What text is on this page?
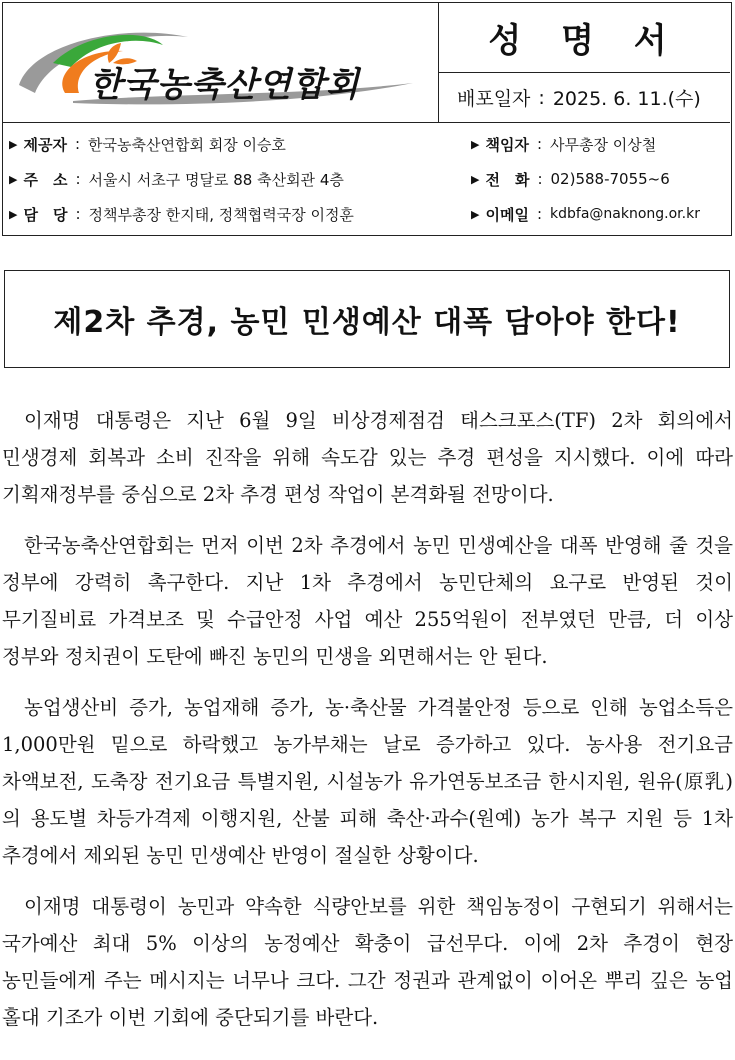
한국농축산연합회
성 명 서
배포일자 : 2025. 6. 11.(수)
▶ 제공자 : 한국농축산연합회 회장 이승호	▶ 책임자 : 사무총장 이상철
▶ 주　소 : 서울시 서초구 명달로 88 축산회관 4층	▶ 전　화 : 02)588-7055~6
▶ 담　당 : 정책부총장 한지태, 정책협력국장 이정훈	▶ 이메일 : kdbfa@naknong.or.kr
제2차 추경, 농민 민생예산 대폭 담아야 한다!

이재명 대통령은 지난 6월 9일 비상경제점검 태스크포스(TF) 2차 회의에서 민생경제 회복과 소비 진작을 위해 속도감 있는 추경 편성을 지시했다. 이에 따라 기획재정부를 중심으로 2차 추경 편성 작업이 본격화될 전망이다.

한국농축산연합회는 먼저 이번 2차 추경에서 농민 민생예산을 대폭 반영해 줄 것을 정부에 강력히 촉구한다. 지난 1차 추경에서 농민단체의 요구로 반영된 것이 무기질비료 가격보조 및 수급안정 사업 예산 255억원이 전부였던 만큼, 더 이상 정부와 정치권이 도탄에 빠진 농민의 민생을 외면해서는 안 된다.

농업생산비 증가, 농업재해 증가, 농·축산물 가격불안정 등으로 인해 농업소득은 1,000만원 밑으로 하락했고 농가부채는 날로 증가하고 있다. 농사용 전기요금 차액보전, 도축장 전기요금 특별지원, 시설농가 유가연동보조금 한시지원, 원유(原乳)의 용도별 차등가격제 이행지원, 산불 피해 축산·과수(원예) 농가 복구 지원 등 1차 추경에서 제외된 농민 민생예산 반영이 절실한 상황이다.

이재명 대통령이 농민과 약속한 식량안보를 위한 책임농정이 구현되기 위해서는 국가예산 최대 5% 이상의 농정예산 확충이 급선무다. 이에 2차 추경이 현장 농민들에게 주는 메시지는 너무나 크다. 그간 정권과 관계없이 이어온 뿌리 깊은 농업 홀대 기조가 이번 기회에 중단되기를 바란다.
